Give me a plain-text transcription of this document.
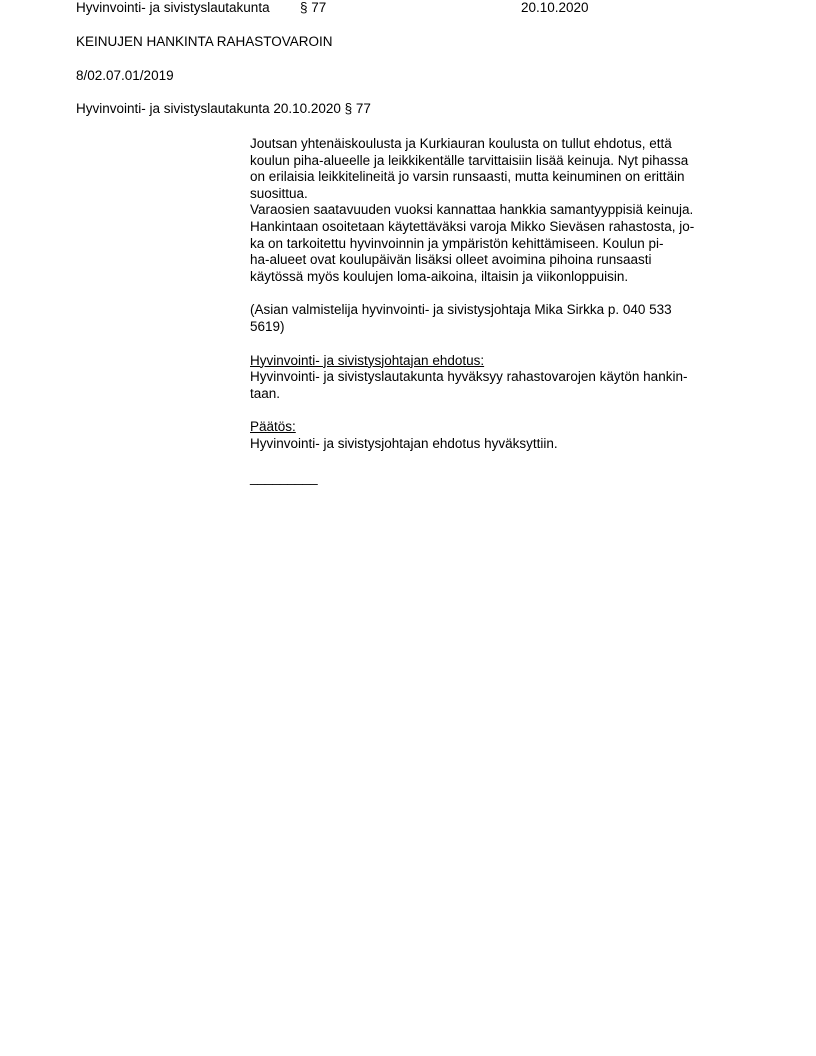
Hyvinvointi- ja sivistyslautakunta § 77	20.10.2020
KEINUJEN HANKINTA RAHASTOVAROIN
8/02.07.01/2019
Hyvinvointi- ja sivistyslautakunta 20.10.2020 § 77
Joutsan yhtenäiskoulusta ja Kurkiauran koulusta on tullut ehdotus, että
koulun piha-alueelle ja leikkikentälle tarvittaisiin lisää keinuja. Nyt pihassa
on erilaisia leikkitelineitä jo varsin runsaasti, mutta keinuminen on erittäin
suosittua.
Varaosien saatavuuden vuoksi kannattaa hankkia samantyyppisiä keinuja.
Hankintaan osoitetaan käytettäväksi varoja Mikko Sieväsen rahastosta, jo-
ka on tarkoitettu hyvinvoinnin ja ympäristön kehittämiseen. Koulun pi-
ha-alueet ovat koulupäivän lisäksi olleet avoimina pihoina runsaasti
käytössä myös koulujen loma-aikoina, iltaisin ja viikonloppuisin.
(Asian valmistelija hyvinvointi- ja sivistysjohtaja Mika Sirkka p. 040 533
5619)
Hyvinvointi- ja sivistysjohtajan ehdotus:
Hyvinvointi- ja sivistyslautakunta hyväksyy rahastovarojen käytön hankin-
taan.
Päätös:
Hyvinvointi- ja sivistysjohtajan ehdotus hyväksyttiin.
_________
